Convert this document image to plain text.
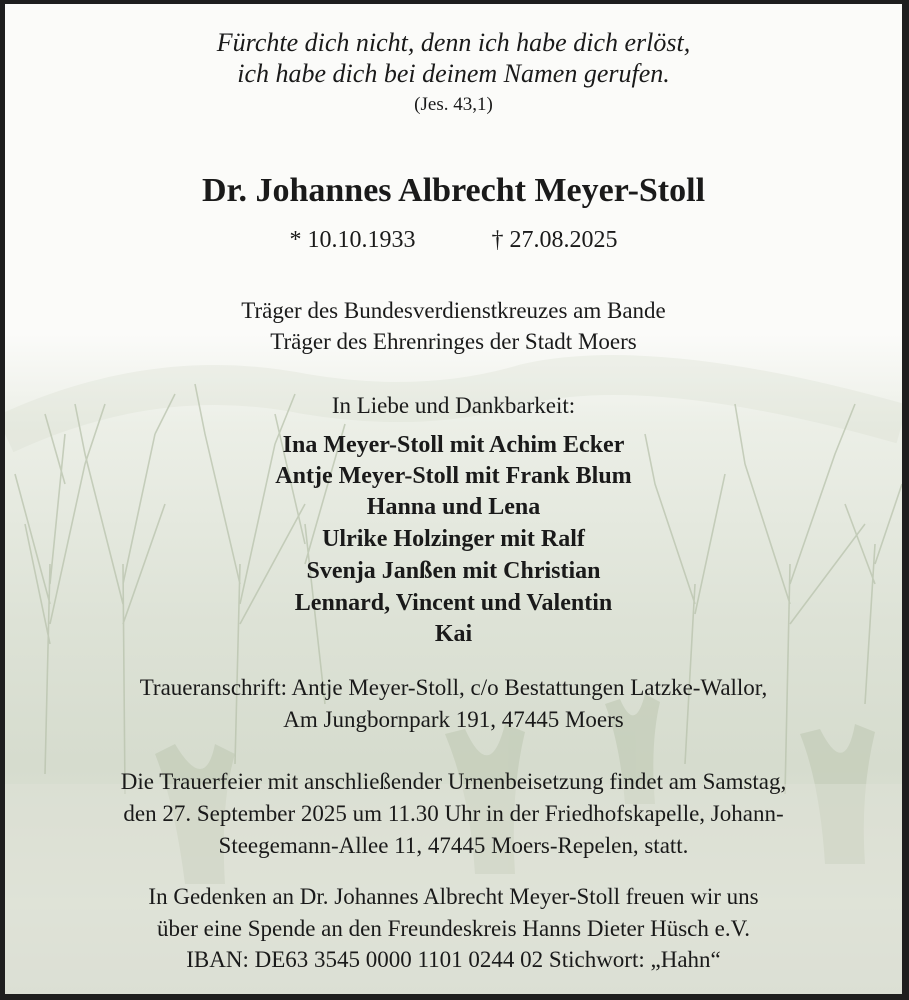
Fürchte dich nicht, denn ich habe dich erlöst,
ich habe dich bei deinem Namen gerufen.
(Jes. 43,1)
Dr. Johannes Albrecht Meyer-Stoll
* 10.10.1933	† 27.08.2025
Träger des Bundesverdienstkreuzes am Bande
Träger des Ehrenringes der Stadt Moers
In Liebe und Dankbarkeit:
Ina Meyer-Stoll mit Achim Ecker
Antje Meyer-Stoll mit Frank Blum
Hanna und Lena
Ulrike Holzinger mit Ralf
Svenja Janßen mit Christian
Lennard, Vincent und Valentin
Kai
Traueranschrift: Antje Meyer-Stoll, c/o Bestattungen Latzke-Wallor,
Am Jungbornpark 191, 47445 Moers
Die Trauerfeier mit anschließender Urnenbeisetzung findet am Samstag,
den 27. September 2025 um 11.30 Uhr in der Friedhofskapelle, Johann-
Steegemann-Allee 11, 47445 Moers-Repelen, statt.
In Gedenken an Dr. Johannes Albrecht Meyer-Stoll freuen wir uns
über eine Spende an den Freundeskreis Hanns Dieter Hüsch e.V.
IBAN: DE63 3545 0000 1101 0244 02 Stichwort: „Hahn“
